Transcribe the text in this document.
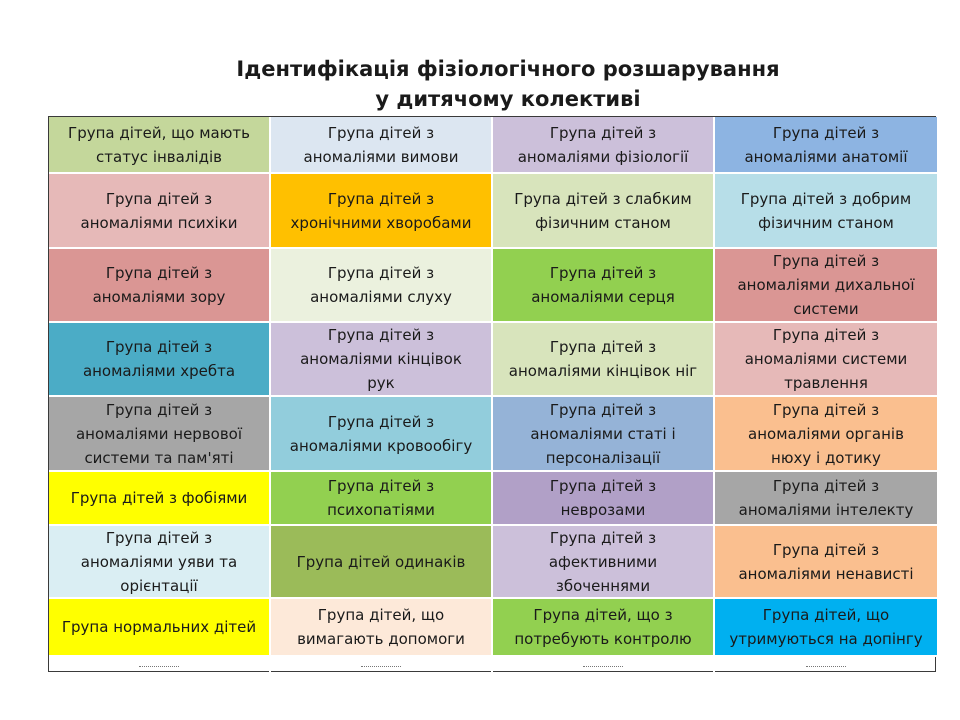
Ідентифікація фізіологічного розшарування
у дитячому колективі
Група дітей, що мають
статус інвалідів
Група дітей з
аномаліями вимови
Група дітей з
аномаліями фізіології
Група дітей з
аномаліями анатомії
Група дітей з
аномаліями психіки
Група дітей з
хронічними хворобами
Група дітей з слабким
фізичним станом
Група дітей з добрим
фізичним станом
Група дітей з
аномаліями зору
Група дітей з
аномаліями слуху
Група дітей з
аномаліями серця
Група дітей з
аномаліями дихальної
системи
Група дітей з
аномаліями хребта
Група дітей з
аномаліями кінцівок
рук
Група дітей з
аномаліями кінцівок ніг
Група дітей з
аномаліями системи
травлення
Група дітей з
аномаліями нервової
системи та пам'яті
Група дітей з
аномаліями кровообігу
Група дітей з
аномаліями статі і
персоналізації
Група дітей з
аномаліями органів
нюху і дотику
Група дітей з фобіями
Група дітей з
психопатіями
Група дітей з
неврозами
Група дітей з
аномаліями інтелекту
Група дітей з
аномаліями уяви та
орієнтації
Група дітей одинаків
Група дітей з
афективними
збоченнями
Група дітей з
аномаліями ненависті
Група нормальних дітей
Група дітей, що
вимагають допомоги
Група дітей, що з
потребують контролю
Група дітей, що
утримуються на допінгу
